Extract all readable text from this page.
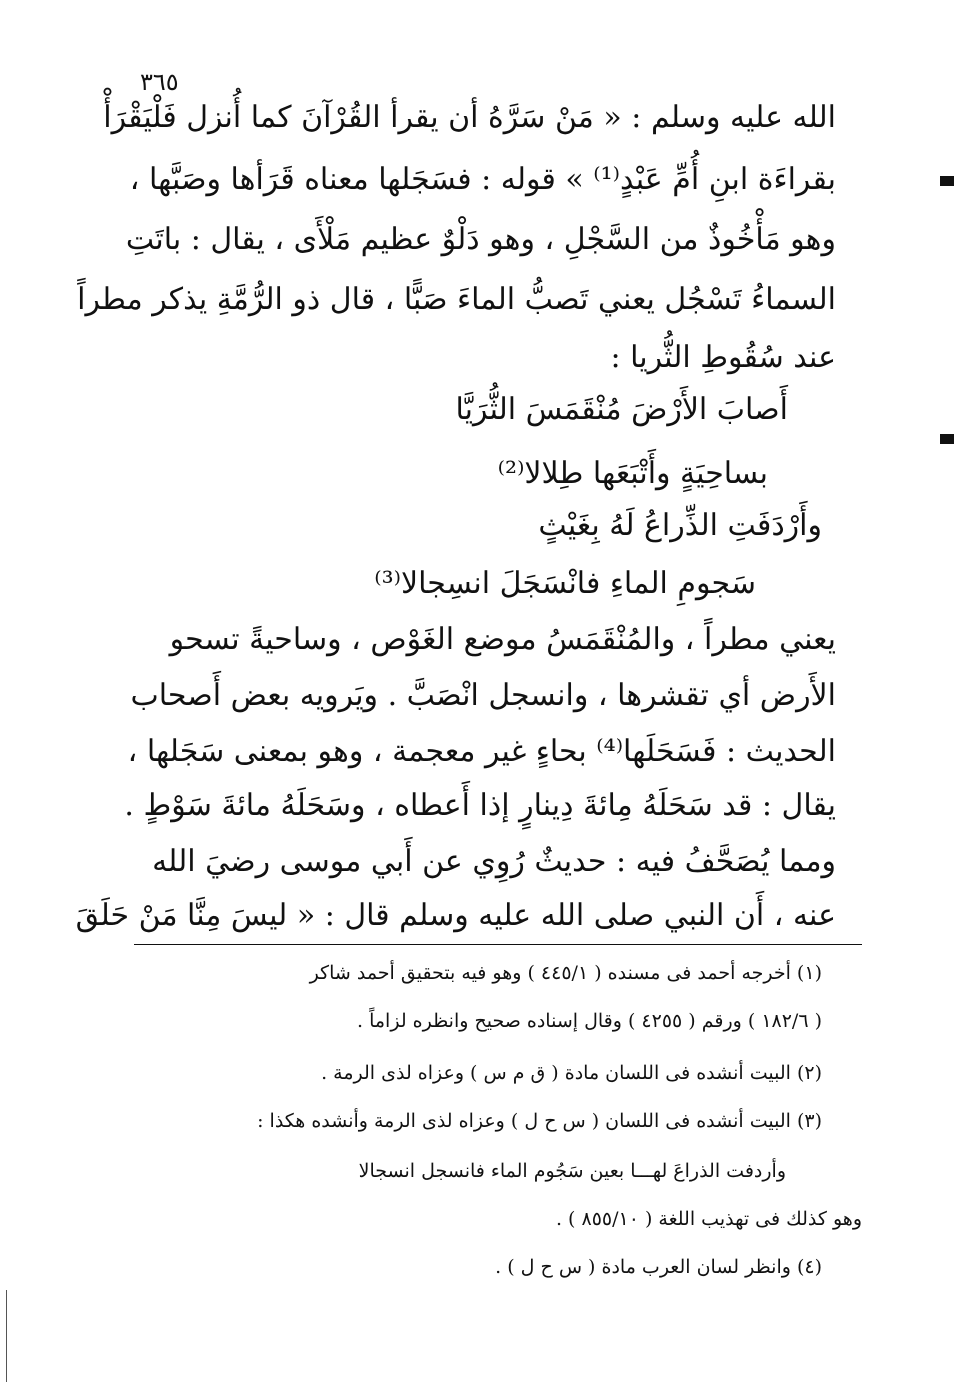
٣٦٥
الله عليه وسلم : « مَنْ سَرَّهُ أن يقرأ القُرْآنَ كما أُنزل فَلْيَقْرَأْ
بقراءَة ابنِ أُمِّ عَبْدٍ⁽¹⁾ » قوله : فسَجَلها معناه قَرَأها وصَبَّها ،
وهو مَأْخُوذٌ من السَّجْلِ ، وهو دَلْوٌ عظيم مَلْأَى ، يقال : باتَتِ
السماءُ تَسْجُل يعني تَصبُّ الماءَ صَبًّا ، قال ذو الرُّمَّةِ يذكر مطراً
عند سُقُوطِ الثُّريا :
أَصابَ الأَرْضَ مُنْقَمَسَ الثُّرَيَّا
بساحِيَةٍ وأَتْبَعَها طِلالا⁽²⁾
وأَرْدَفَتِ الذِّراعُ لَهُ بِغَيْثٍ
سَجومِ الماءِ فانْسَجَلَ انسِجالا⁽³⁾
يعني مطراً ، والمُنْقَمَسُ موضع الغَوْص ، وساحيةً تسحو
الأَرض أي تقشرها ، وانسجل انْصَبَّ . ويَرويه بعض أَصحاب
الحديث : فَسَحَلَها⁽⁴⁾ بحاءٍ غير معجمة ، وهو بمعنى سَجَلها ،
يقال : قد سَحَلَهُ مِائةَ دِينارٍ إذا أَعطاه ، وسَحَلَهُ مائةَ سَوْطٍ .
ومما يُصَحَّفُ فيه : حديثٌ رُوِي عن أَبي موسى رضيَ الله
عنه ، أَن النبي صلى الله عليه وسلم قال : « ليسَ مِنَّا مَنْ حَلَقَ
(١) أخرجه أحمد فى مسنده ( ٤٤٥/١ ) وهو فيه بتحقيق أحمد شاكر
( ١٨٢/٦ ) ورقم ( ٤٢٥٥ ) وقال إسناده صحيح وانظره لزاماً .
(٢) البيت أنشده فى اللسان مادة ( ق م س ) وعزاه لذى الرمة .
(٣) البيت أنشده فى اللسان ( س ح ل ) وعزاه لذى الرمة وأنشده هكذا :
وأردفت الذراعَ لهـــا بعين سَجُوم الماء فانسجل انسجالا
وهو كذلك فى تهذيب اللغة ( ٨٥٥/١٠ ) .
(٤) وانظر لسان العرب مادة ( س ح ل ) .
